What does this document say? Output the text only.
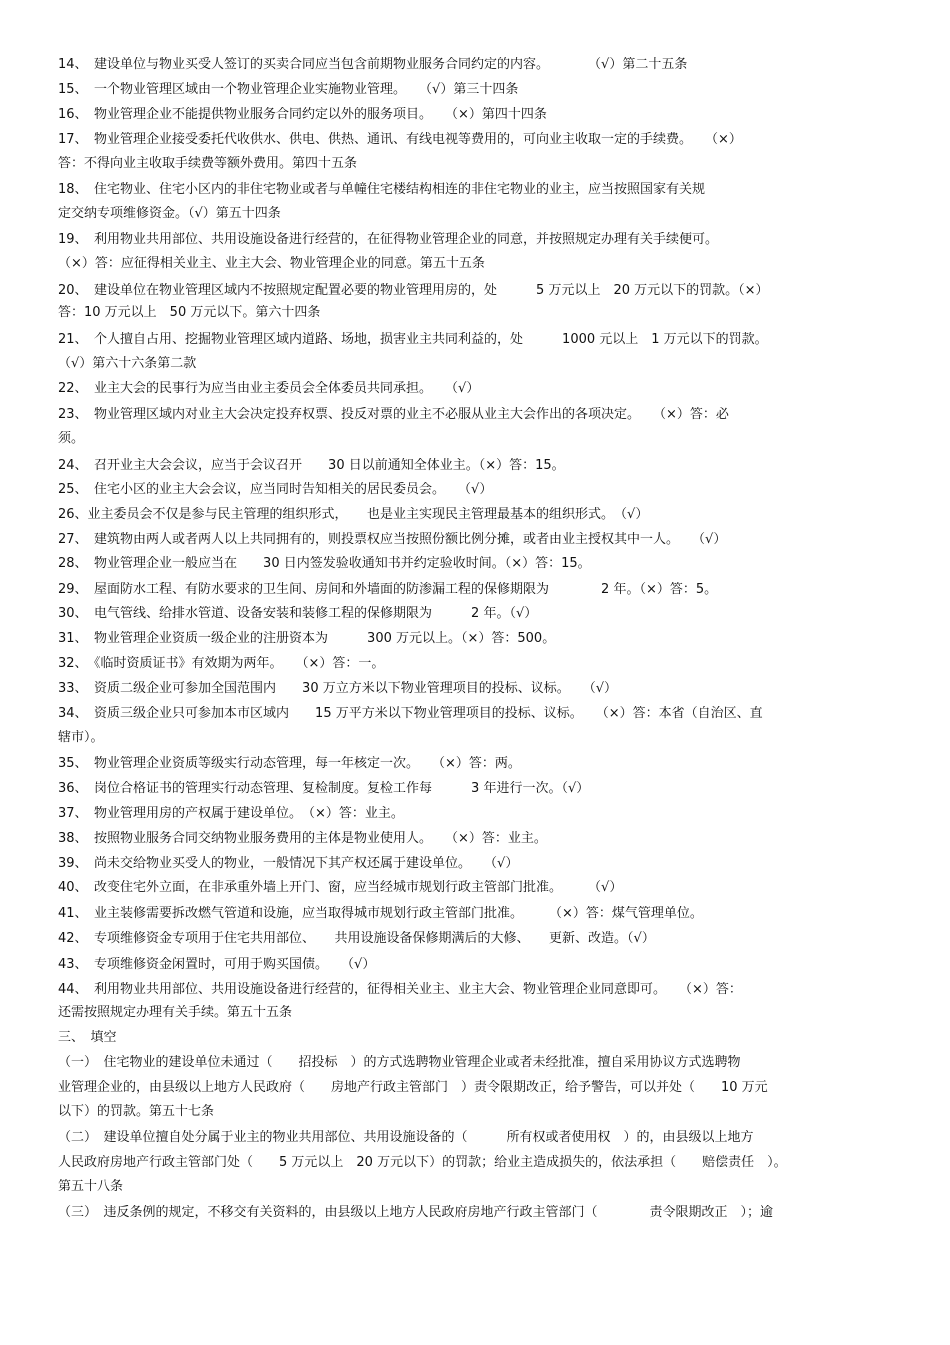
14、　建设单位与物业买受人签订的买卖合同应当包含前期物业服务合同约定的内容。　　　　（√）第二十五条
15、　一个物业管理区域由一个物业管理企业实施物业管理。　　（√）第三十四条
16、　物业管理企业不能提供物业服务合同约定以外的服务项目。　　（×）第四十四条
17、　物业管理企业接受委托代收供水、供电、供热、通讯、有线电视等费用的，可向业主收取一定的手续费。　　（×）
答：不得向业主收取手续费等额外费用。第四十五条
18、　住宅物业、住宅小区内的非住宅物业或者与单幢住宅楼结构相连的非住宅物业的业主，应当按照国家有关规
定交纳专项维修资金。（√）第五十四条
19、　利用物业共用部位、共用设施设备进行经营的，在征得物业管理企业的同意，并按照规定办理有关手续便可。
（×）答：应征得相关业主、业主大会、物业管理企业的同意。第五十五条
20、　建设单位在物业管理区域内不按照规定配置必要的物业管理用房的，处　　　5 万元以上　20 万元以下的罚款。（×）
答：10 万元以上　50 万元以下。第六十四条
21、　个人擅自占用、挖掘物业管理区域内道路、场地，损害业主共同利益的，处　　　1000 元以上　1 万元以下的罚款。
（√）第六十六条第二款
22、　业主大会的民事行为应当由业主委员会全体委员共同承担。　　（√）
23、　物业管理区域内对业主大会决定投弃权票、投反对票的业主不必服从业主大会作出的各项决定。　　（×）答：必
须。
24、　召开业主大会会议，应当于会议召开　　30 日以前通知全体业主。（×）答：15。
25、　住宅小区的业主大会会议，应当同时告知相关的居民委员会。　　（√）
26、业主委员会不仅是参与民主管理的组织形式，　　也是业主实现民主管理最基本的组织形式。　（√）
27、　建筑物由两人或者两人以上共同拥有的，则投票权应当按照份额比例分摊，或者由业主授权其中一人。　　（√）
28、　物业管理企业一般应当在　　30 日内签发验收通知书并约定验收时间。（×）答：15。
29、　屋面防水工程、有防水要求的卫生间、房间和外墙面的防渗漏工程的保修期限为　　　　2 年。（×）答：5。
30、　电气管线、给排水管道、设备安装和装修工程的保修期限为　　　2 年。（√）
31、　物业管理企业资质一级企业的注册资本为　　　300 万元以上。（×）答：500。
32、　《临时资质证书》有效期为两年。　　（×）答：一。
33、　资质二级企业可参加全国范围内　　30 万立方米以下物业管理项目的投标、议标。　　（√）
34、　资质三级企业只可参加本市区域内　　15 万平方米以下物业管理项目的投标、议标。　　（×）答：本省（自治区、直
辖市）。
35、　物业管理企业资质等级实行动态管理，每一年核定一次。　　（×）答：两。
36、　岗位合格证书的管理实行动态管理、复检制度。复检工作每　　　3 年进行一次。（√）
37、　物业管理用房的产权属于建设单位。　（×）答：业主。
38、　按照物业服务合同交纳物业服务费用的主体是物业使用人。　　（×）答：业主。
39、　尚未交给物业买受人的物业，一般情况下其产权还属于建设单位。　　（√）
40、　改变住宅外立面，在非承重外墙上开门、窗，应当经城市规划行政主管部门批准。　　　（√）
41、　业主装修需要拆改燃气管道和设施，应当取得城市规划行政主管部门批准。　　　（×）答：煤气管理单位。
42、　专项维修资金专项用于住宅共用部位、　　共用设施设备保修期满后的大修、　　更新、改造。（√）
43、　专项维修资金闲置时，可用于购买国债。　　（√）
44、　利用物业共用部位、共用设施设备进行经营的，征得相关业主、业主大会、物业管理企业同意即可。　　（×）答：
还需按照规定办理有关手续。第五十五条
三、　填空
（一）　住宅物业的建设单位未通过（　　招投标　）的方式选聘物业管理企业或者未经批准，擅自采用协议方式选聘物
业管理企业的，由县级以上地方人民政府（　　房地产行政主管部门　）责令限期改正，给予警告，可以并处（　　10 万元
以下）的罚款。第五十七条
（二）　建设单位擅自处分属于业主的物业共用部位、共用设施设备的（　　　所有权或者使用权　）的，由县级以上地方
人民政府房地产行政主管部门处（　　5 万元以上　20 万元以下）的罚款；给业主造成损失的，依法承担（　　赔偿责任　）。
第五十八条
（三）　违反条例的规定，不移交有关资料的，由县级以上地方人民政府房地产行政主管部门（　　　　责令限期改正　）；逾
